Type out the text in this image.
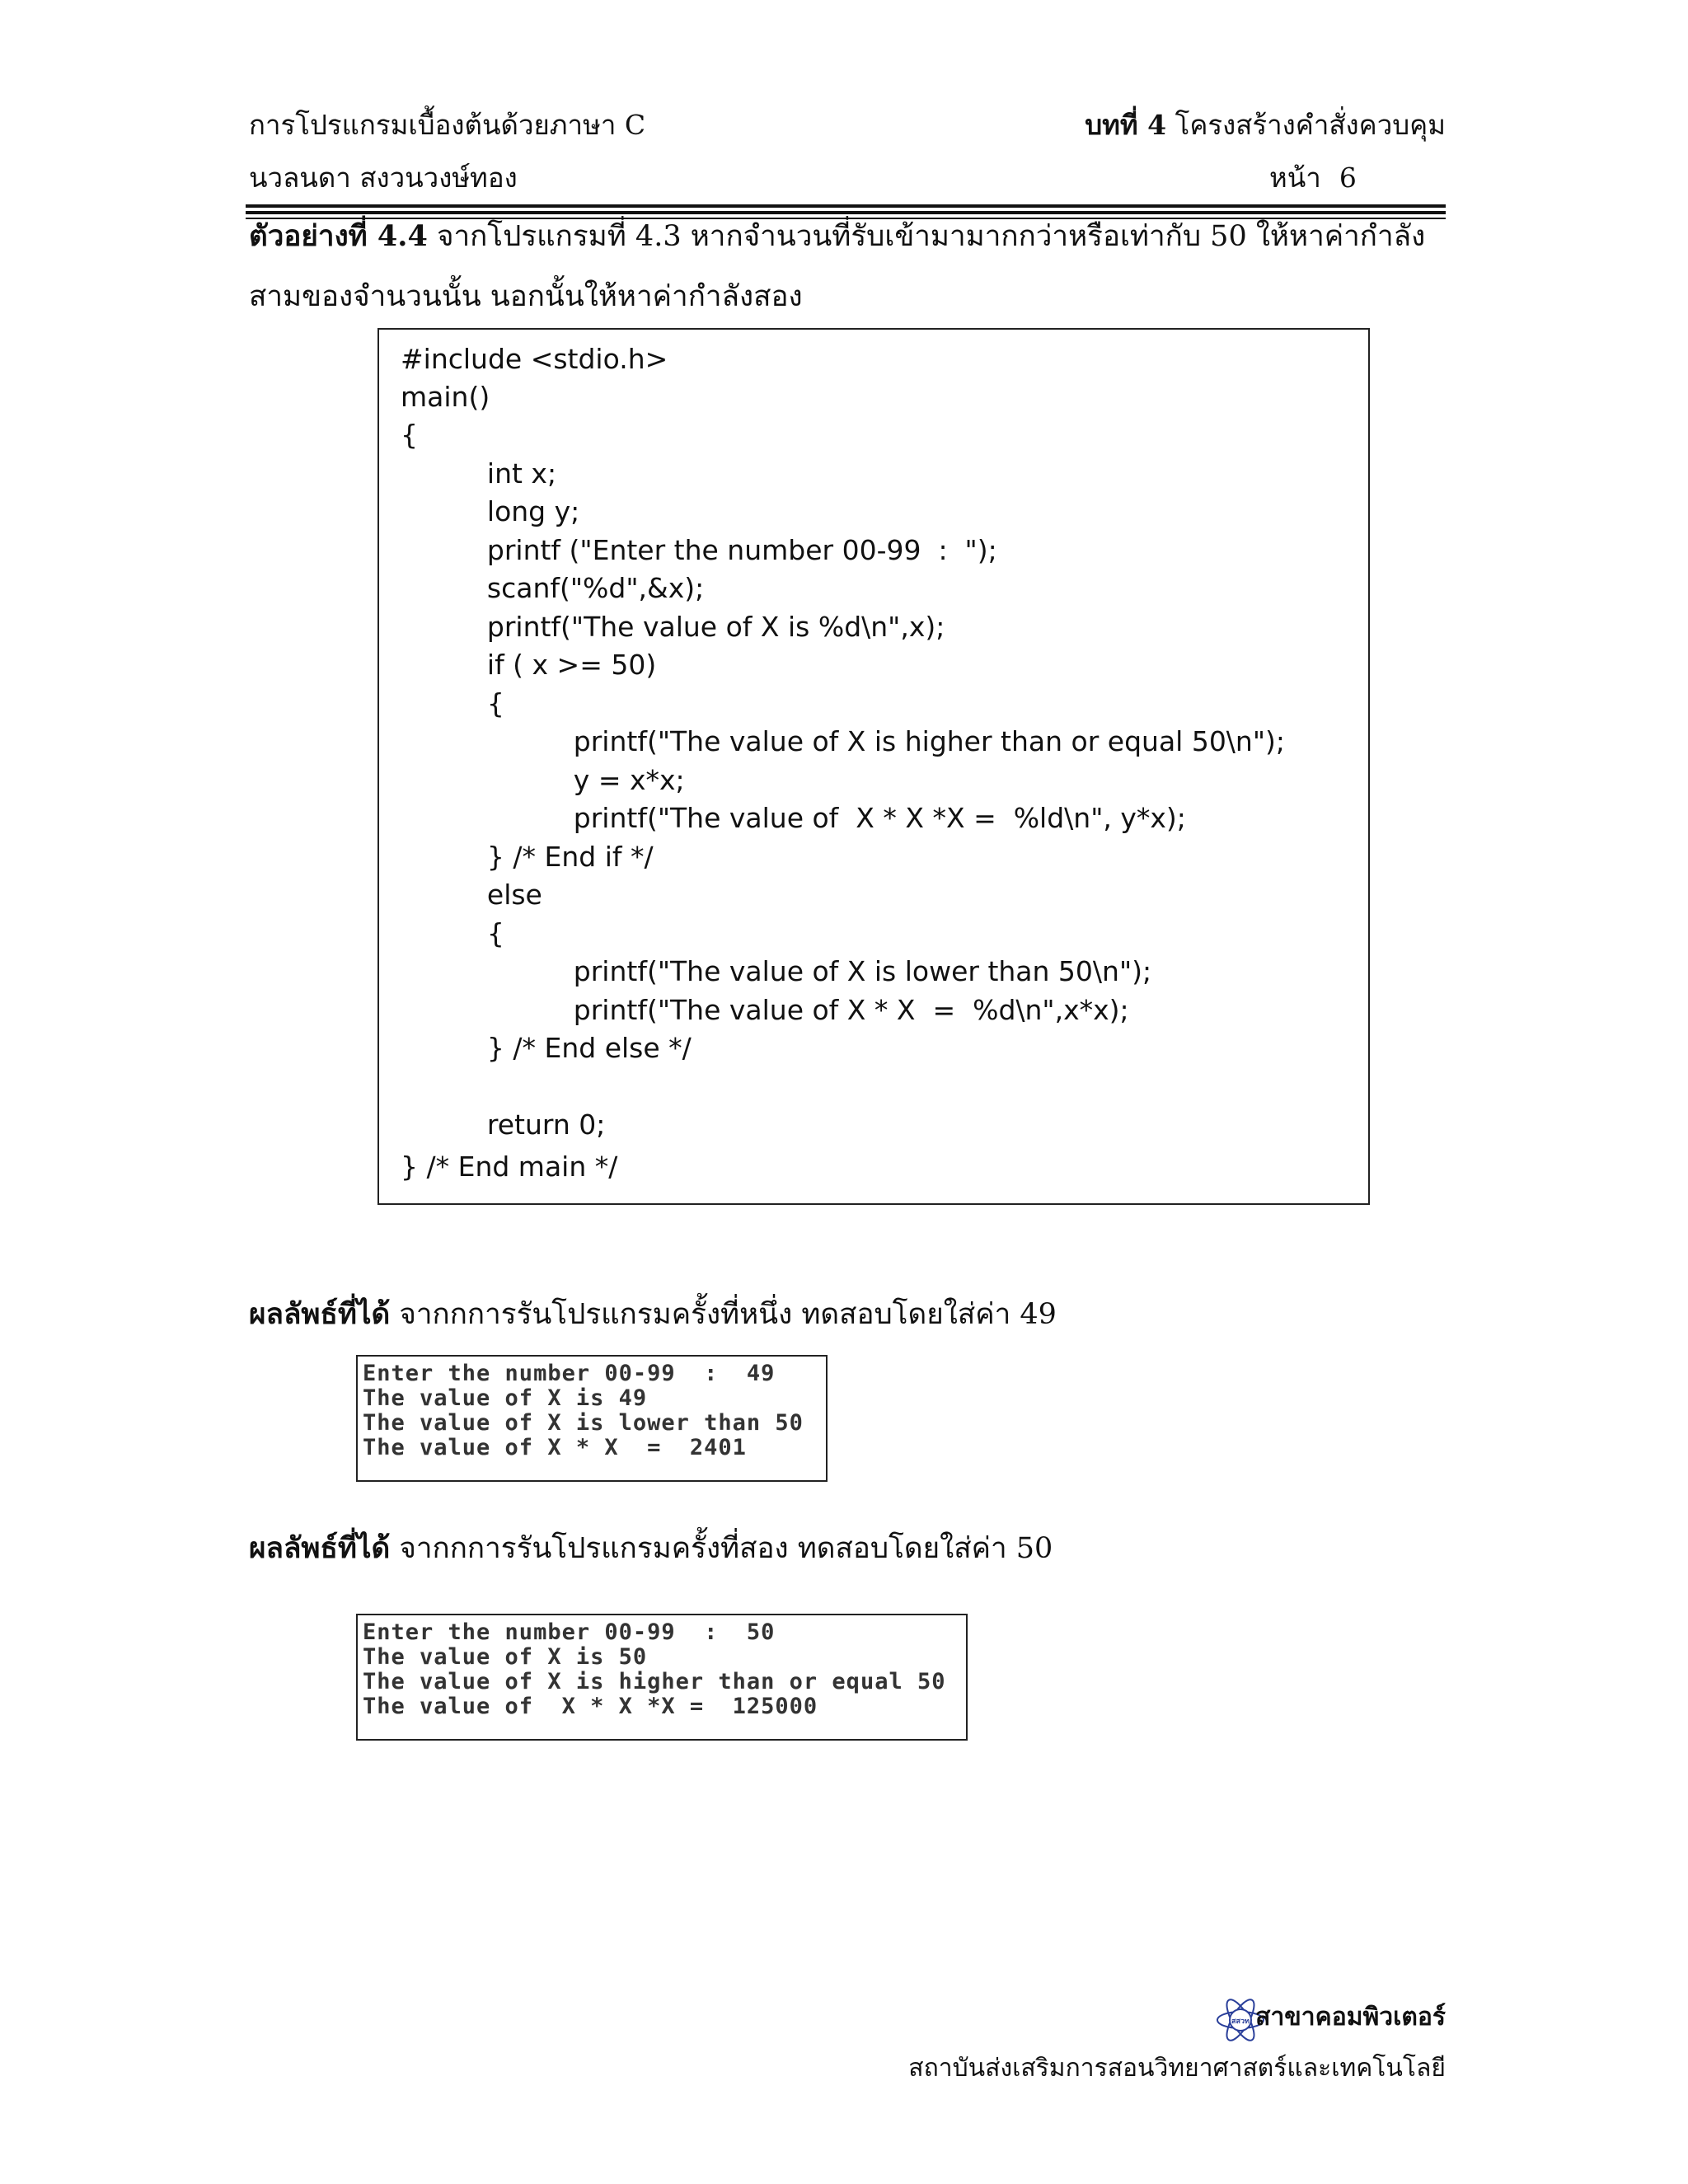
การโปรแกรมเบื้องต้นด้วยภาษา C
นวลนดา สงวนวงษ์ทอง
บทที่ 4 โครงสร้างคำสั่งควบคุม
หน้า 6
ตัวอย่างที่ 4.4 จากโปรแกรมที่ 4.3 หากจำนวนที่รับเข้ามามากกว่าหรือเท่ากับ 50 ให้หาค่ากำลังสามของจำนวนนั้น นอกนั้นให้หาค่ากำลังสอง
#include <stdio.h>
main()
{
int x;
long y;
printf ("Enter the number 00-99  :  ");
scanf("%d",&x);
printf("The value of X is %d\n",x);
if ( x >= 50)
{
printf("The value of X is higher than or equal 50\n");
y = x*x;
printf("The value of  X * X *X =  %ld\n", y*x);
} /* End if */
else
{
printf("The value of X is lower than 50\n");
printf("The value of X * X  =  %d\n",x*x);
} /* End else */
return 0;
} /* End main */
ผลลัพธ์ที่ได้ จากกการรันโปรแกรมครั้งที่หนึ่ง ทดสอบโดยใส่ค่า 49
Enter the number 00-99  :  49
The value of X is 49
The value of X is lower than 50
The value of X * X  =  2401
ผลลัพธ์ที่ได้ จากกการรันโปรแกรมครั้งที่สอง ทดสอบโดยใส่ค่า 50
Enter the number 00-99  :  50
The value of X is 50
The value of X is higher than or equal 50
The value of  X * X *X =  125000
สสวท สาขาคอมพิวเตอร์
สถาบันส่งเสริมการสอนวิทยาศาสตร์และเทคโนโลยี
